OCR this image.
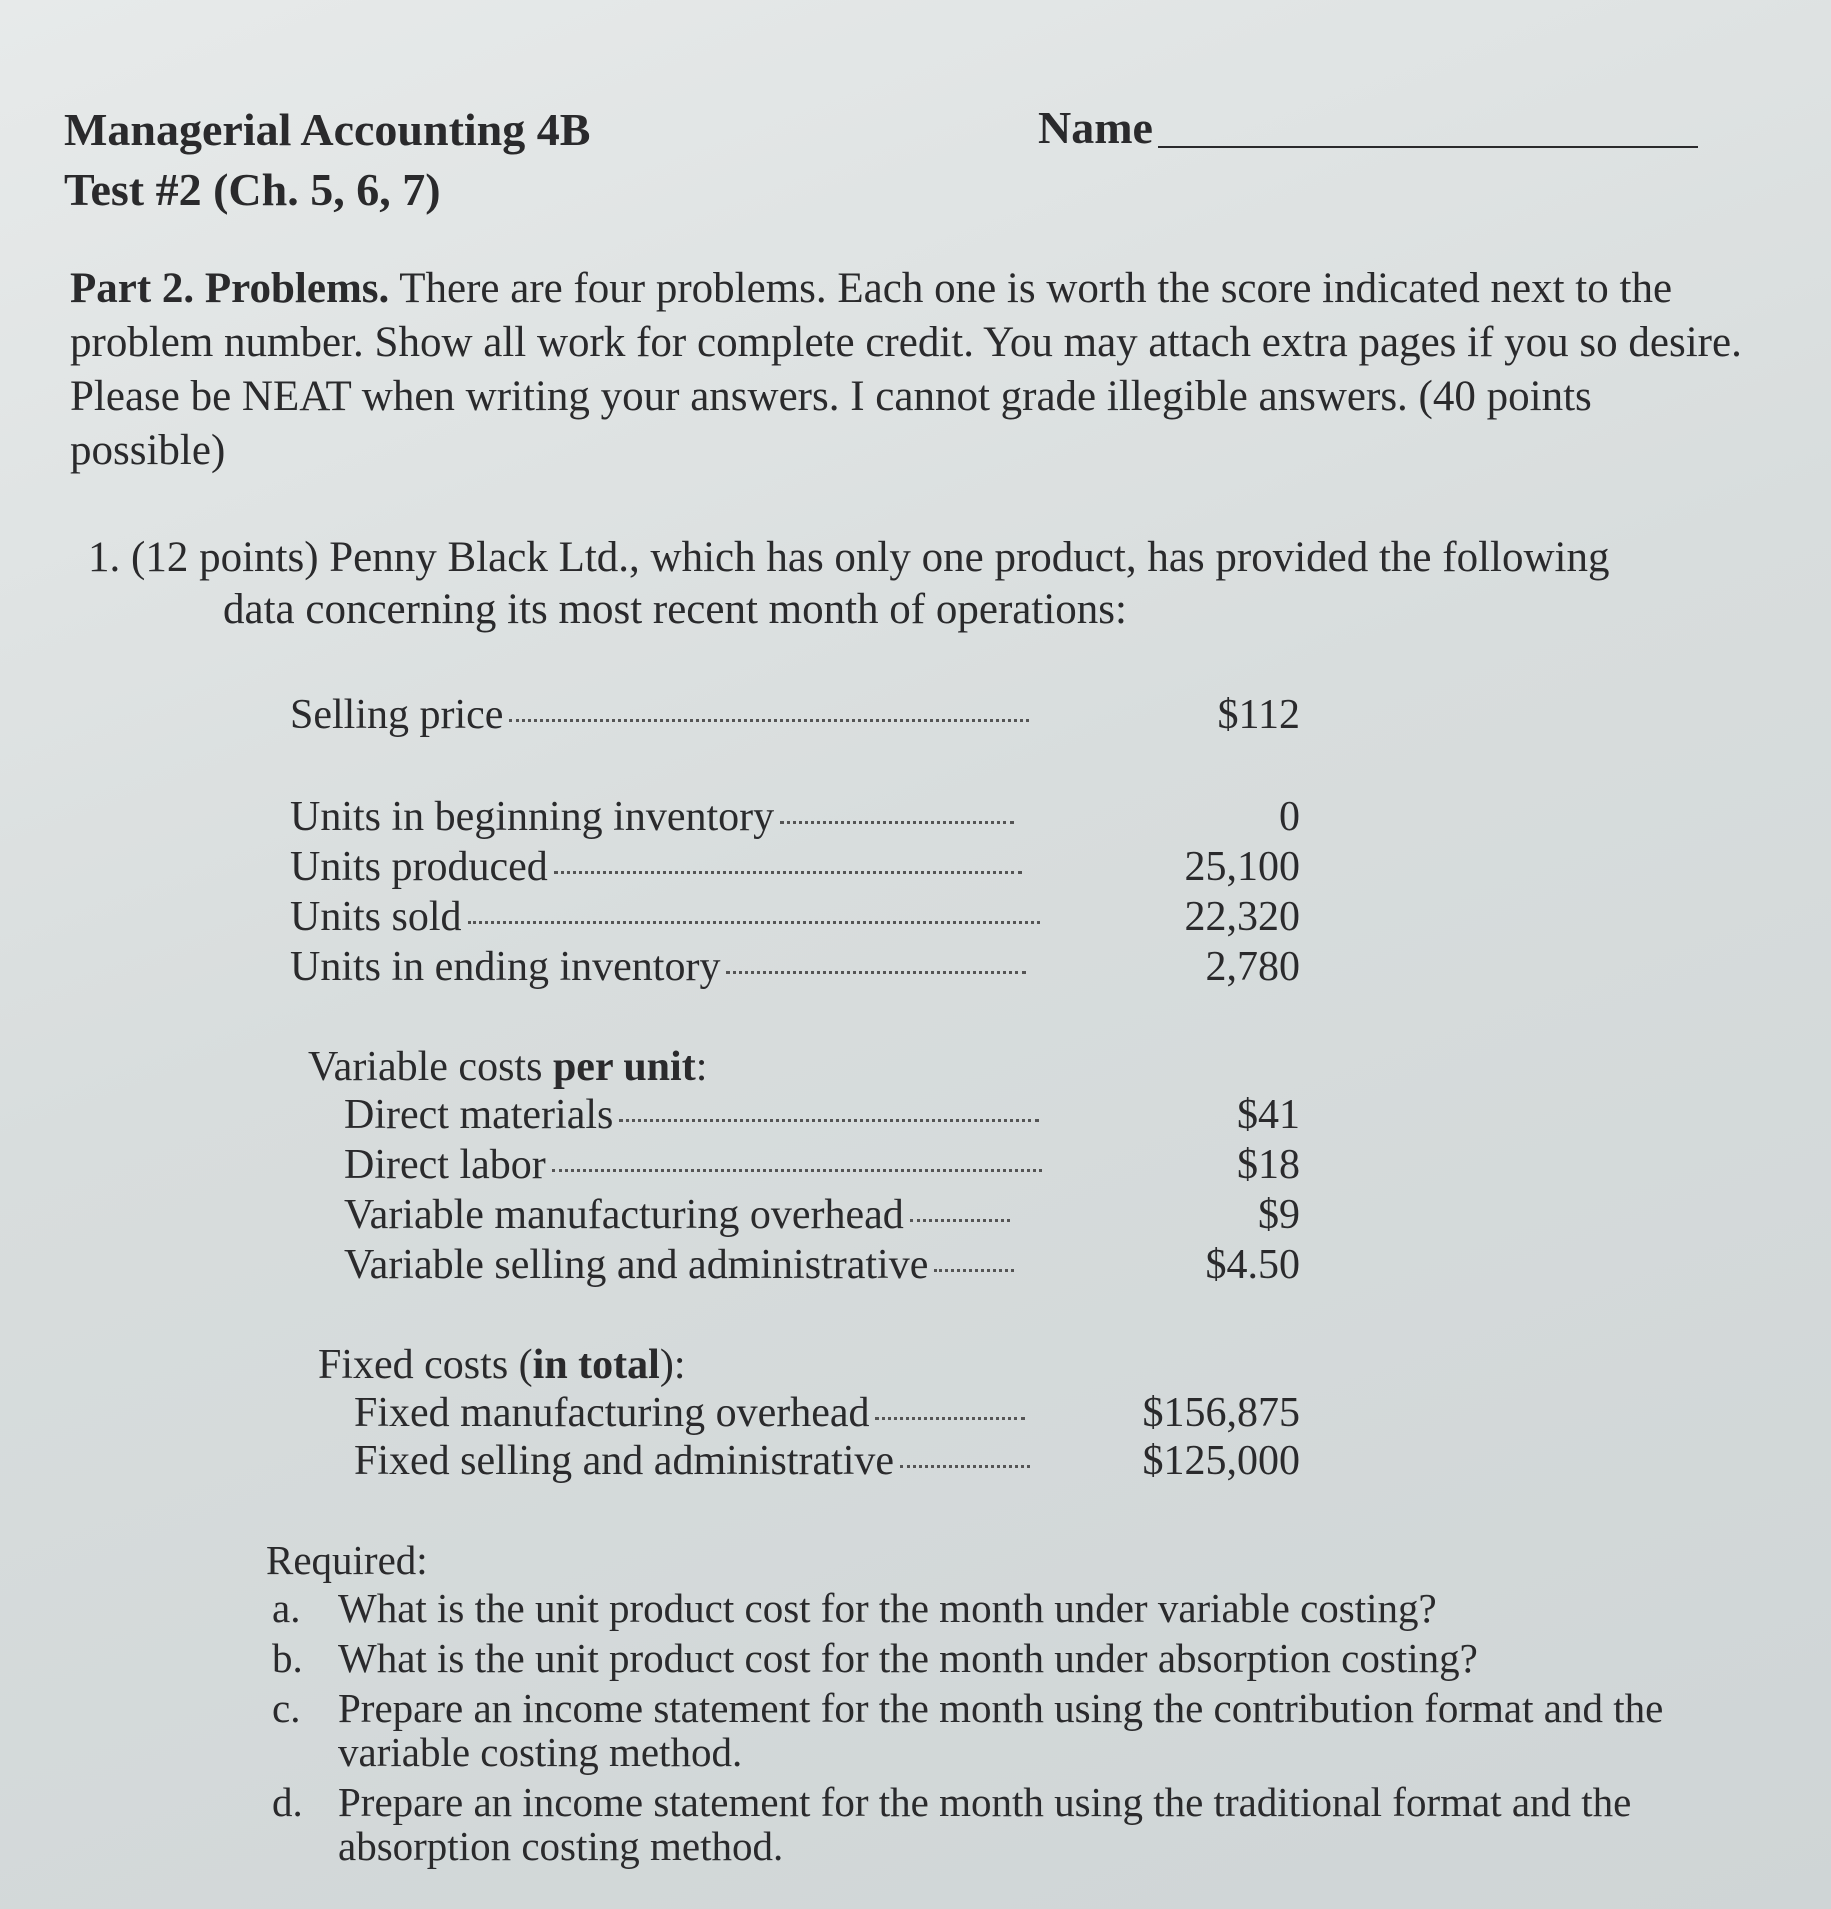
Managerial Accounting 4B
Test #2 (Ch. 5, 6, 7)
Name
Part 2. Problems. There are four problems. Each one is worth the score indicated next to the problem number. Show all work for complete credit. You may attach extra pages if you so desire. Please be NEAT when writing your answers. I cannot grade illegible answers. (40 points possible)
1. (12 points) Penny Black Ltd., which has only one product, has provided the following
data concerning its most recent month of operations:
Selling price	$112
Units in beginning inventory	0
Units produced	25,100
Units sold	22,320
Units in ending inventory	2,780
Variable costs per unit:
Direct materials	$41
Direct labor	$18
Variable manufacturing overhead	$9
Variable selling and administrative	$4.50
Fixed costs (in total):
Fixed manufacturing overhead	$156,875
Fixed selling and administrative	$125,000
Required:
a. What is the unit product cost for the month under variable costing?
b. What is the unit product cost for the month under absorption costing?
c. Prepare an income statement for the month using the contribution format and the variable costing method.
d. Prepare an income statement for the month using the traditional format and the absorption costing method.
